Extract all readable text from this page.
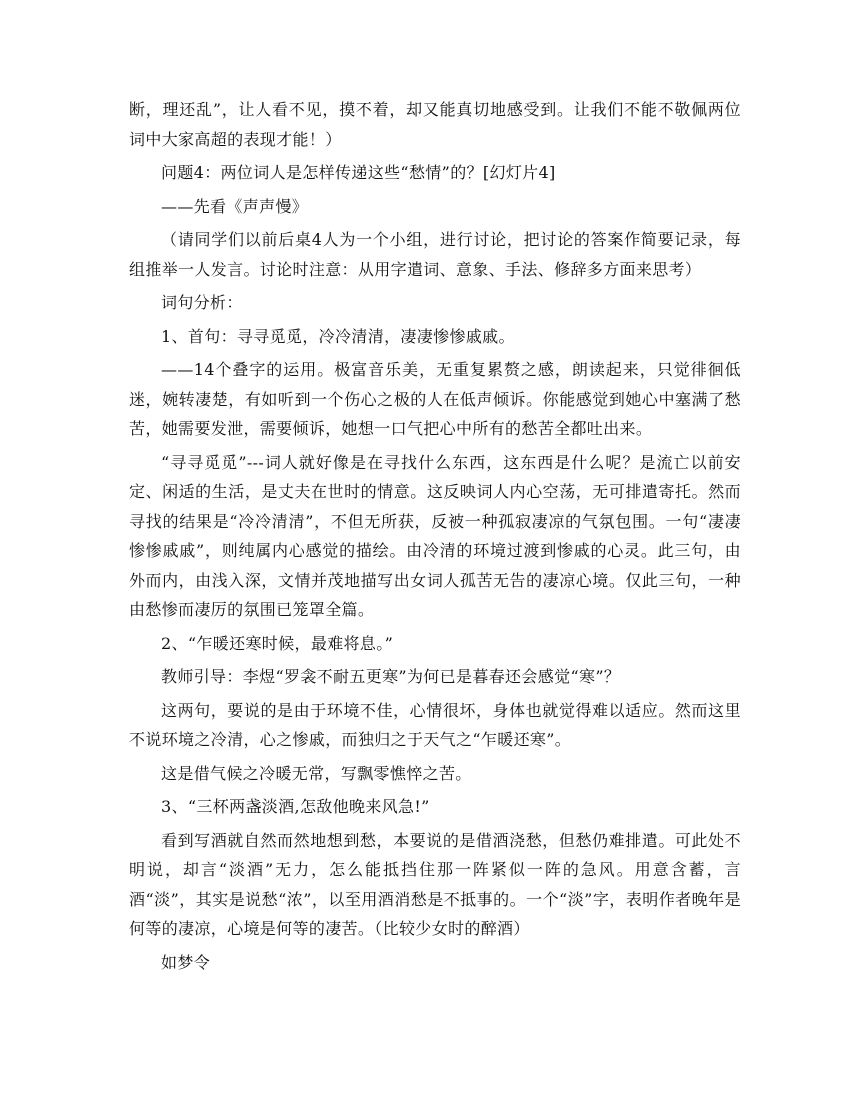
断，理还乱”，让人看不见，摸不着，却又能真切地感受到。让我们不能不敬佩两位词中大家高超的表现才能！）

问题4：两位词人是怎样传递这些“愁情”的？[幻灯片4]

——先看《声声慢》

（请同学们以前后桌4人为一个小组，进行讨论，把讨论的答案作简要记录，每组推举一人发言。讨论时注意：从用字遣词、意象、手法、修辞多方面来思考）

词句分析：

1、首句：寻寻觅觅，冷冷清清，凄凄惨惨戚戚。

——14个叠字的运用。极富音乐美，无重复累赘之感，朗读起来，只觉徘徊低迷，婉转凄楚，有如听到一个伤心之极的人在低声倾诉。你能感觉到她心中塞满了愁苦，她需要发泄，需要倾诉，她想一口气把心中所有的愁苦全都吐出来。

“寻寻觅觅”---词人就好像是在寻找什么东西，这东西是什么呢？是流亡以前安定、闲适的生活，是丈夫在世时的情意。这反映词人内心空荡，无可排遣寄托。然而寻找的结果是“冷冷清清”，不但无所获，反被一种孤寂凄凉的气氛包围。一句“凄凄惨惨戚戚”，则纯属内心感觉的描绘。由冷清的环境过渡到惨戚的心灵。此三句，由外而内，由浅入深，文情并茂地描写出女词人孤苦无告的凄凉心境。仅此三句，一种由愁惨而凄厉的氛围已笼罩全篇。

2、“乍暖还寒时候，最难将息。”

教师引导：李煜“罗衾不耐五更寒”为何已是暮春还会感觉“寒”？

这两句，要说的是由于环境不佳，心情很坏，身体也就觉得难以适应。然而这里不说环境之冷清，心之惨戚，而独归之于天气之“乍暖还寒”。

这是借气候之冷暖无常，写飘零憔悴之苦。

3、“三杯两盏淡酒,怎敌他晚来风急!”

看到写酒就自然而然地想到愁，本要说的是借酒浇愁，但愁仍难排遣。可此处不明说，却言“淡酒”无力，怎么能抵挡住那一阵紧似一阵的急风。用意含蓄，言酒“淡”，其实是说愁“浓”，以至用酒消愁是不抵事的。一个“淡”字，表明作者晚年是何等的凄凉，心境是何等的凄苦。（比较少女时的醉酒）

如梦令
